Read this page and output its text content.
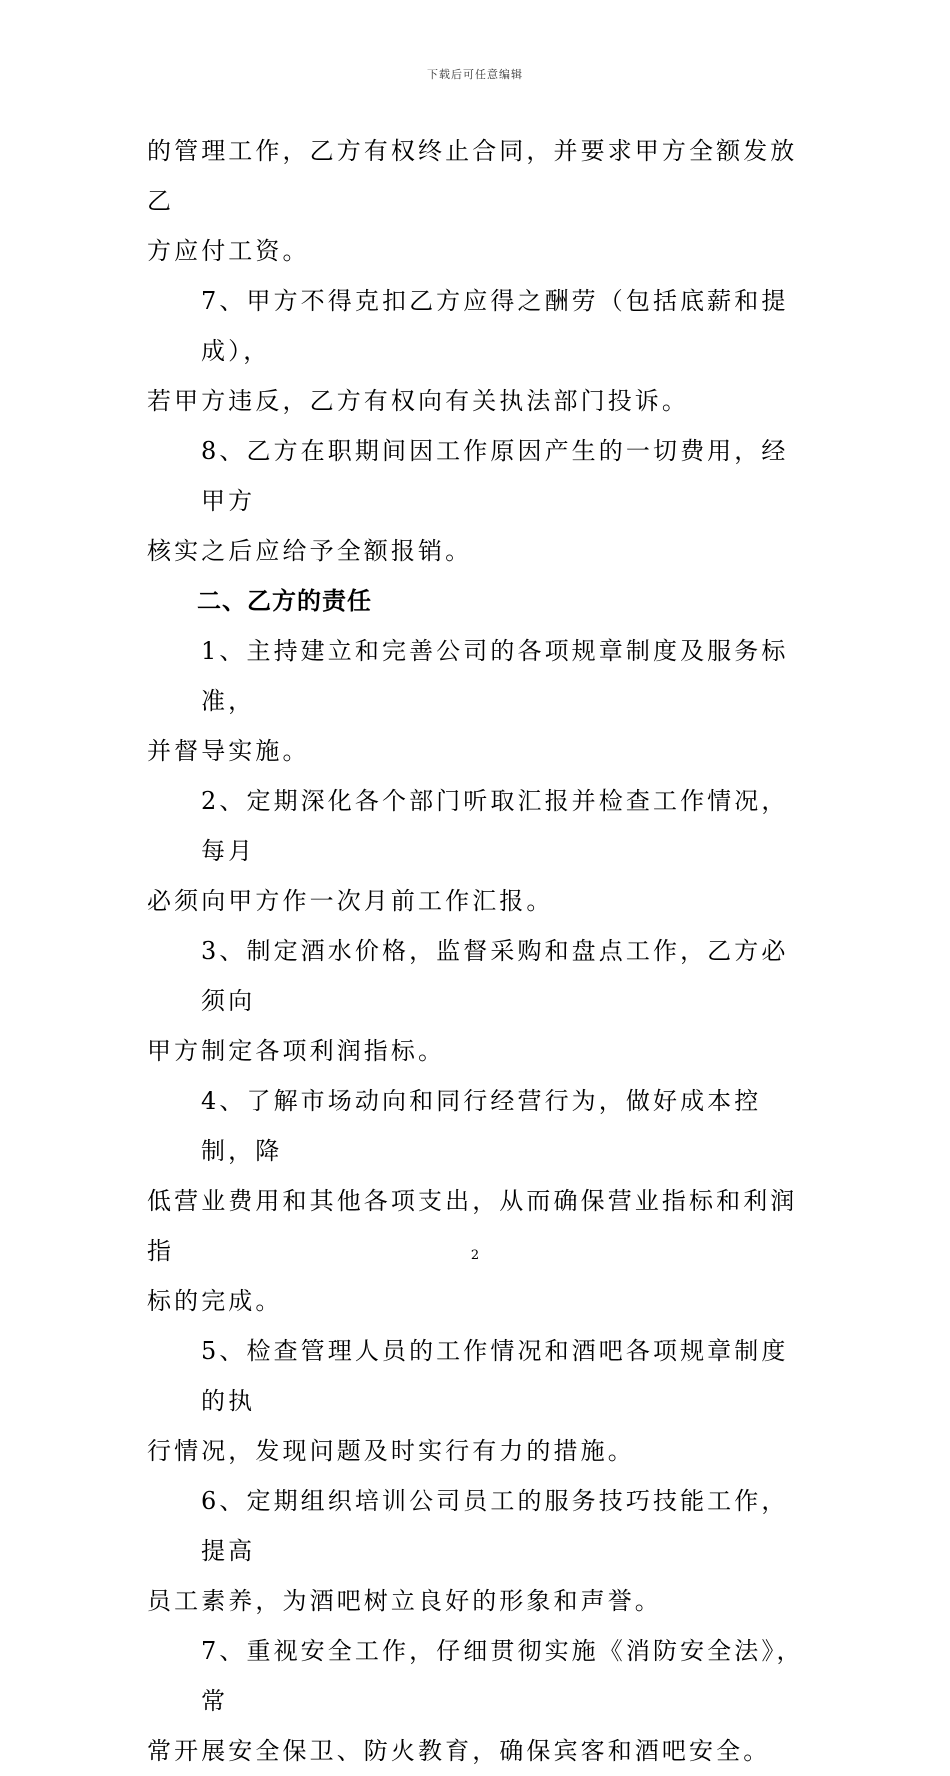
下载后可任意编辑

的管理工作，乙方有权终止合同，并要求甲方全额发放乙
方应付工资。

7、甲方不得克扣乙方应得之酬劳（包括底薪和提成），
若甲方违反，乙方有权向有关执法部门投诉。

8、乙方在职期间因工作原因产生的一切费用，经甲方
核实之后应给予全额报销。

二、乙方的责任

1、主持建立和完善公司的各项规章制度及服务标准，
并督导实施。

2、定期深化各个部门听取汇报并检查工作情况，每月
必须向甲方作一次月前工作汇报。

3、制定酒水价格，监督采购和盘点工作，乙方必须向
甲方制定各项利润指标。

4、了解市场动向和同行经营行为，做好成本控制，降
低营业费用和其他各项支出，从而确保营业指标和利润指
标的完成。

5、检查管理人员的工作情况和酒吧各项规章制度的执
行情况，发现问题及时实行有力的措施。

6、定期组织培训公司员工的服务技巧技能工作，提高
员工素养，为酒吧树立良好的形象和声誉。

7、重视安全工作，仔细贯彻实施《消防安全法》，常
常开展安全保卫、防火教育，确保宾客和酒吧安全。

2
